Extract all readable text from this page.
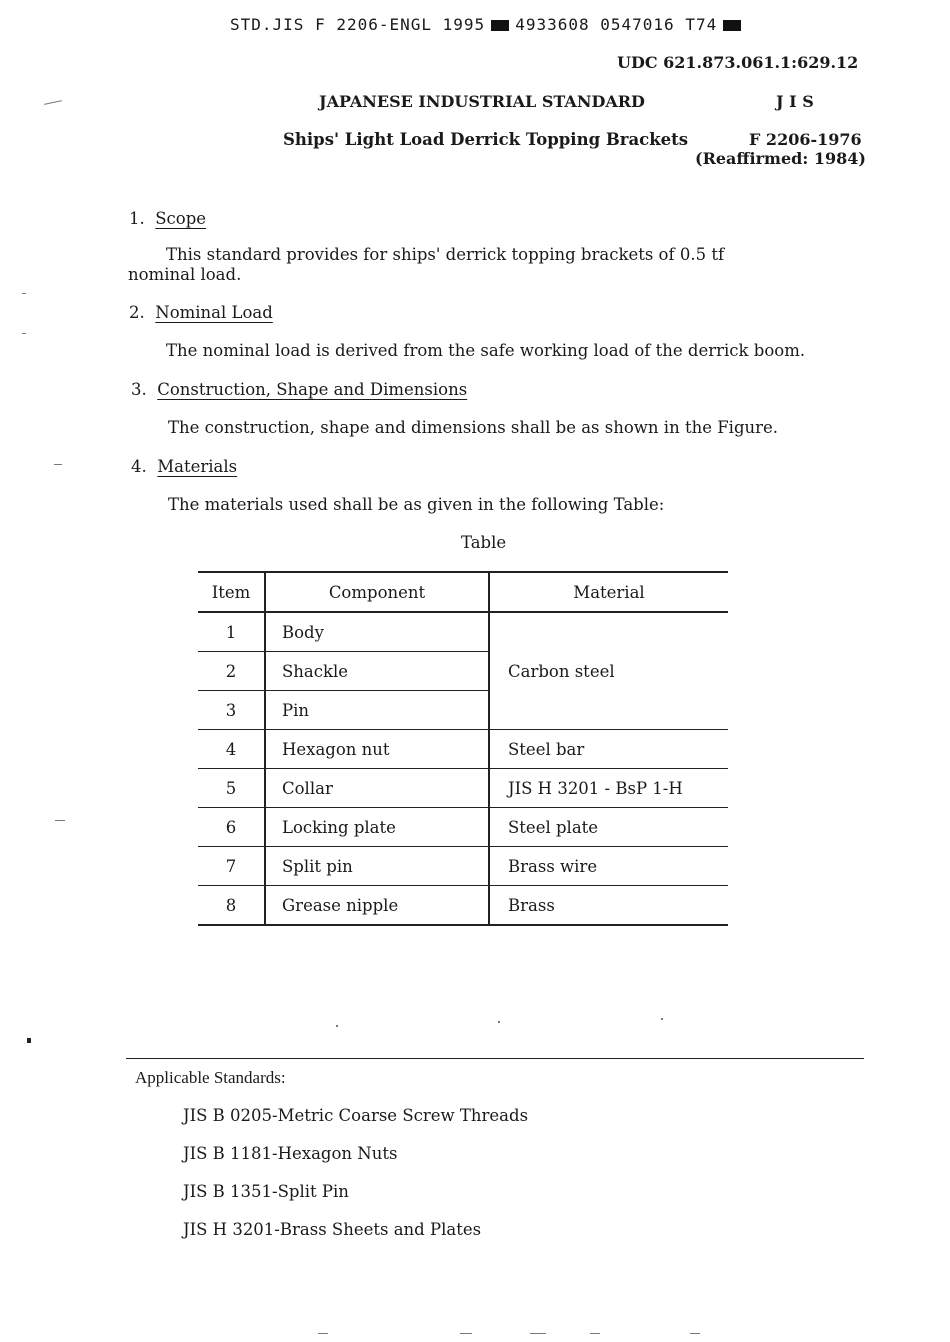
STD.JIS F 2206-ENGL 1995 4933608 0547016 T74
UDC 621.873.061.1:629.12
JAPANESE INDUSTRIAL STANDARD	J I S
Ships' Light Load Derrick Topping Brackets	F 2206-1976
(Reaffirmed: 1984)
1. Scope
This standard provides for ships' derrick topping brackets of 0.5 tf
nominal load.
2. Nominal Load
The nominal load is derived from the safe working load of the derrick boom.
3. Construction, Shape and Dimensions
The construction, shape and dimensions shall be as shown in the Figure.
4. Materials
The materials used shall be as given in the following Table:
Table
Item	Component	Material
1	Body	Carbon steel
2	Shackle	
3	Pin	
4	Hexagon nut	Steel bar
5	Collar	JIS H 3201 - BsP 1-H
6	Locking plate	Steel plate
7	Split pin	Brass wire
8	Grease nipple	Brass
Applicable Standards:
JIS B 0205-Metric Coarse Screw Threads
JIS B 1181-Hexagon Nuts
JIS B 1351-Split Pin
JIS H 3201-Brass Sheets and Plates
